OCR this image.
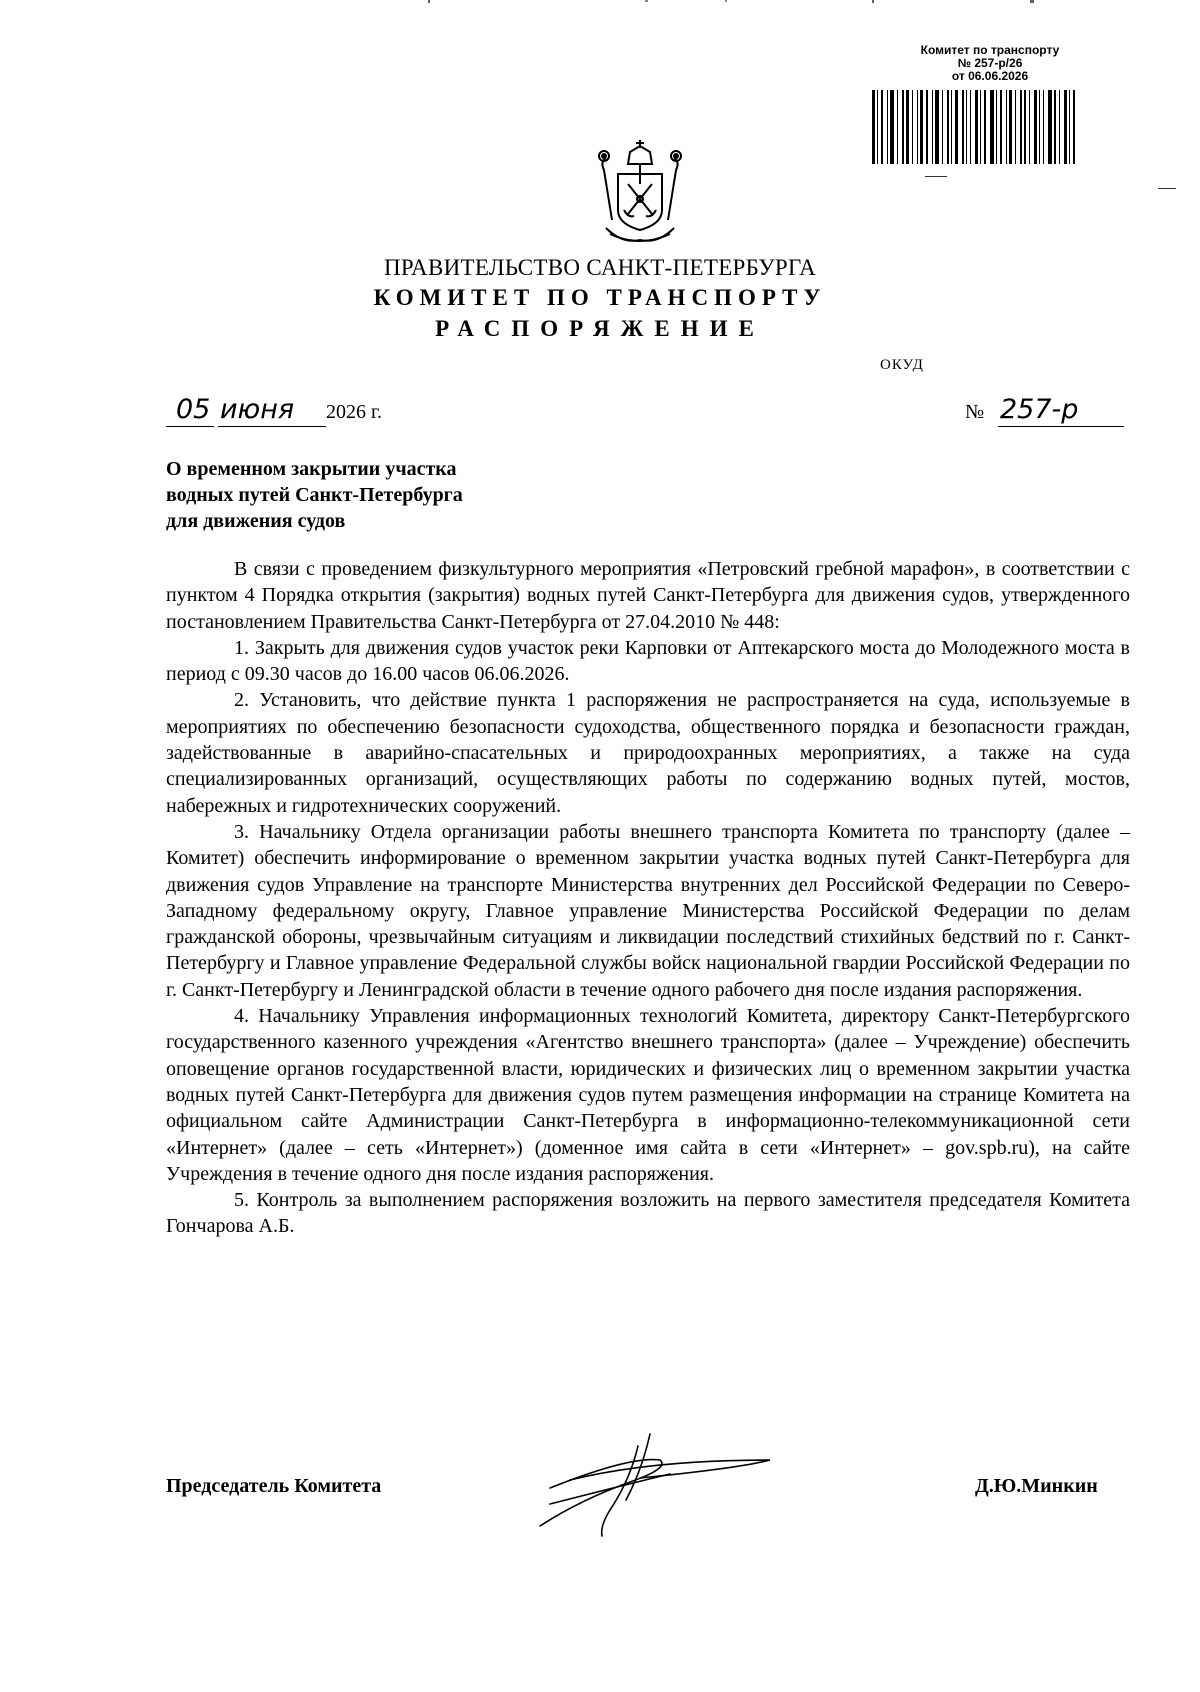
Комитет по транспорту
№ 257-р/26
от 06.06.2026
ПРАВИТЕЛЬСТВО САНКТ-ПЕТЕРБУРГА
КОМИТЕТ ПО ТРАНСПОРТУ
РАСПОРЯЖЕНИЕ
ОКУД
05 июня 2026 г.	№ 257-р
О временном закрытии участка
водных путей Санкт-Петербурга
для движения судов

В связи с проведением физкультурного мероприятия «Петровский гребной марафон», в соответствии с пунктом 4 Порядка открытия (закрытия) водных путей Санкт-Петербурга для движения судов, утвержденного постановлением Правительства Санкт-Петербурга от 27.04.2010 № 448:

1. Закрыть для движения судов участок реки Карповки от Аптекарского моста до Молодежного моста в период с 09.30 часов до 16.00 часов 06.06.2026.

2. Установить, что действие пункта 1 распоряжения не распространяется на суда, используемые в мероприятиях по обеспечению безопасности судоходства, общественного порядка и безопасности граждан, задействованные в аварийно-спасательных и природоохранных мероприятиях, а также на суда специализированных организаций, осуществляющих работы по содержанию водных путей, мостов, набережных и гидротехнических сооружений.

3. Начальнику Отдела организации работы внешнего транспорта Комитета по транспорту (далее – Комитет) обеспечить информирование о временном закрытии участка водных путей Санкт-Петербурга для движения судов Управление на транспорте Министерства внутренних дел Российской Федерации по Северо-Западному федеральному округу, Главное управление Министерства Российской Федерации по делам гражданской обороны, чрезвычайным ситуациям и ликвидации последствий стихийных бедствий по г. Санкт-Петербургу и Главное управление Федеральной службы войск национальной гвардии Российской Федерации по г. Санкт-Петербургу и Ленинградской области в течение одного рабочего дня после издания распоряжения.

4. Начальнику Управления информационных технологий Комитета, директору Санкт-Петербургского государственного казенного учреждения «Агентство внешнего транспорта» (далее – Учреждение) обеспечить оповещение органов государственной власти, юридических и физических лиц о временном закрытии участка водных путей Санкт-Петербурга для движения судов путем размещения информации на странице Комитета на официальном сайте Администрации Санкт-Петербурга в информационно-телекоммуникационной сети «Интернет» (далее – сеть «Интернет») (доменное имя сайта в сети «Интернет» – gov.spb.ru), на сайте Учреждения в течение одного дня после издания распоряжения.

5. Контроль за выполнением распоряжения возложить на первого заместителя председателя Комитета Гончарова А.Б.

Председатель Комитета	Д.Ю.Минкин
